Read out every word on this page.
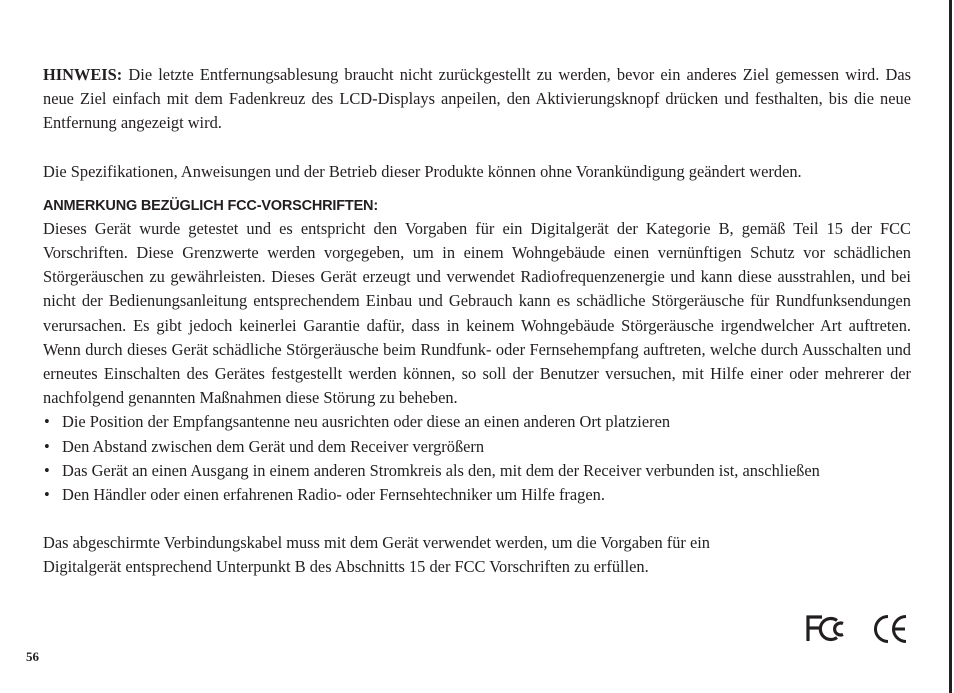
HINWEIS: Die letzte Entfernungsablesung braucht nicht zurückgestellt zu werden, bevor ein anderes Ziel gemessen wird. Das neue Ziel einfach mit dem Fadenkreuz des LCD-Displays anpeilen, den Aktivierungsknopf drücken und festhalten, bis die neue Entfernung angezeigt wird.

Die Spezifikationen, Anweisungen und der Betrieb dieser Produkte können ohne Vorankündigung geändert werden.

ANMERKUNG BEZÜGLICH FCC-VORSCHRIFTEN:

Dieses Gerät wurde getestet und es entspricht den Vorgaben für ein Digitalgerät der Kategorie B, gemäß Teil 15 der FCC Vorschriften. Diese Grenzwerte werden vorgegeben, um in einem Wohngebäude einen vernünftigen Schutz vor schädlichen Störgeräuschen zu gewährleisten. Dieses Gerät erzeugt und verwendet Radiofrequenzenergie und kann diese ausstrahlen, und bei nicht der Bedienungsanleitung entsprechendem Einbau und Gebrauch kann es schädliche Störgeräusche für Rundfunksendungen verursachen. Es gibt jedoch keinerlei Garantie dafür, dass in keinem Wohngebäude Störgeräusche irgendwelcher Art auftreten. Wenn durch dieses Gerät schädliche Störgeräusche beim Rundfunk- oder Fernsehempfang auftreten, welche durch Ausschalten und erneutes Einschalten des Gerätes festgestellt werden können, so soll der Benutzer versuchen, mit Hilfe einer oder mehrerer der nachfolgend genannten Maßnahmen diese Störung zu beheben.

• Die Position der Empfangsantenne neu ausrichten oder diese an einen anderen Ort platzieren
• Den Abstand zwischen dem Gerät und dem Receiver vergrößern
• Das Gerät an einen Ausgang in einem anderen Stromkreis als den, mit dem der Receiver verbunden ist, anschließen
• Den Händler oder einen erfahrenen Radio- oder Fernsehtechniker um Hilfe fragen.

Das abgeschirmte Verbindungskabel muss mit dem Gerät verwendet werden, um die Vorgaben für ein Digitalgerät entsprechend Unterpunkt B des Abschnitts 15 der FCC Vorschriften zu erfüllen.

56
